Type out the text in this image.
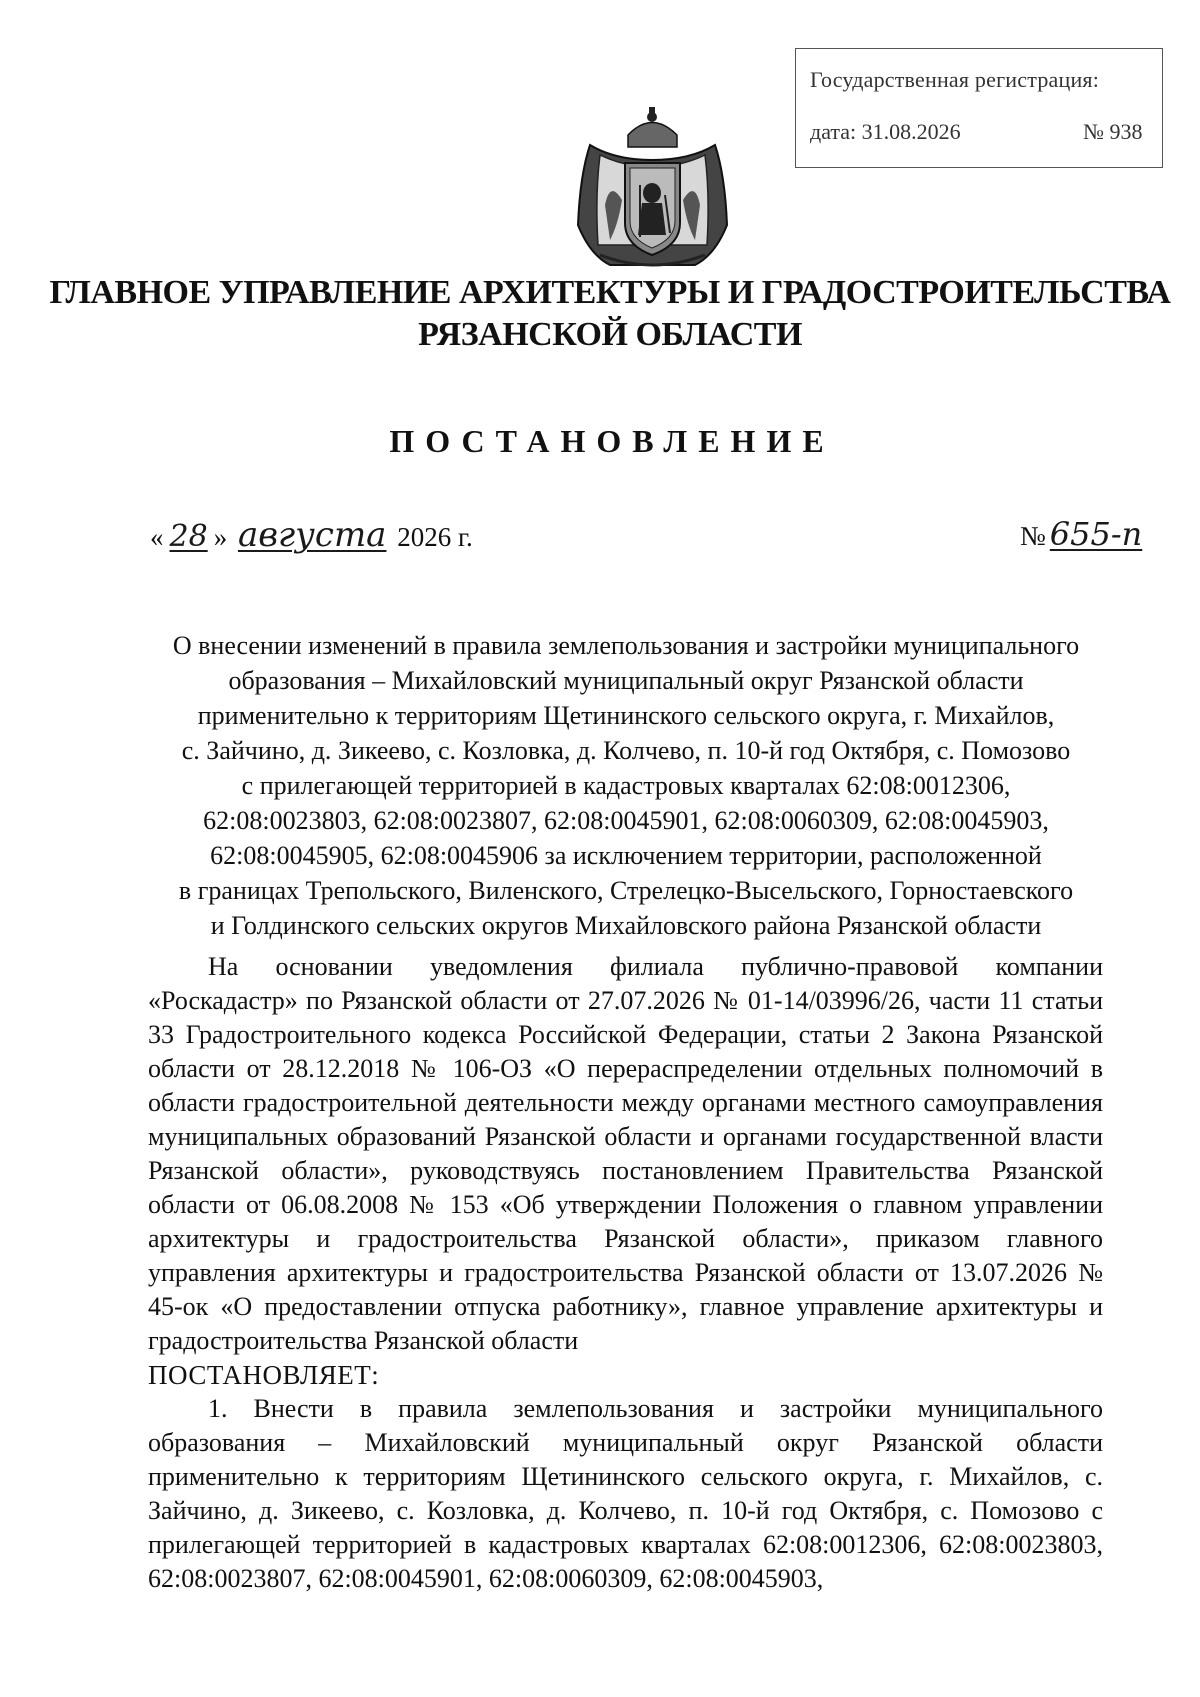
Государственная регистрация:
дата: 31.08.2026	№ 938
ГЛАВНОЕ УПРАВЛЕНИЕ АРХИТЕКТУРЫ И ГРАДОСТРОИТЕЛЬСТВА
РЯЗАНСКОЙ ОБЛАСТИ
ПОСТАНОВЛЕНИЕ
« 28 » августа 2026 г.	№ 655-п
О внесении изменений в правила землепользования и застройки муниципального
образования – Михайловский муниципальный округ Рязанской области
применительно к территориям Щетининского сельского округа, г. Михайлов,
с. Зайчино, д. Зикеево, с. Козловка, д. Колчево, п. 10-й год Октября, с. Помозово
с прилегающей территорией в кадастровых кварталах 62:08:0012306,
62:08:0023803, 62:08:0023807, 62:08:0045901, 62:08:0060309, 62:08:0045903,
62:08:0045905, 62:08:0045906 за исключением территории, расположенной
в границах Трепольского, Виленского, Стрелецко-Высельского, Горностаевского
и Голдинского сельских округов Михайловского района Рязанской области

На основании уведомления филиала публично-правовой компании «Роскадастр» по Рязанской области от 27.07.2026 № 01-14/03996/26, части 11 статьи 33 Градостроительного кодекса Российской Федерации, статьи 2 Закона Рязанской области от 28.12.2018 № 106-ОЗ «О перераспределении отдельных полномочий в области градостроительной деятельности между органами местного самоуправления муниципальных образований Рязанской области и органами государственной власти Рязанской области», руководствуясь постановлением Правительства Рязанской области от 06.08.2008 № 153 «Об утверждении Положения о главном управлении архитектуры и градостроительства Рязанской области», приказом главного управления архитектуры и градостроительства Рязанской области от 13.07.2026 № 45-ок «О предоставлении отпуска работнику», главное управление архитектуры и градостроительства Рязанской области

ПОСТАНОВЛЯЕТ:

1. Внести в правила землепользования и застройки муниципального образования – Михайловский муниципальный округ Рязанской области применительно к территориям Щетининского сельского округа, г. Михайлов, с. Зайчино, д. Зикеево, с. Козловка, д. Колчево, п. 10-й год Октября, с. Помозово с прилегающей территорией в кадастровых кварталах 62:08:0012306, 62:08:0023803, 62:08:0023807, 62:08:0045901, 62:08:0060309, 62:08:0045903,
